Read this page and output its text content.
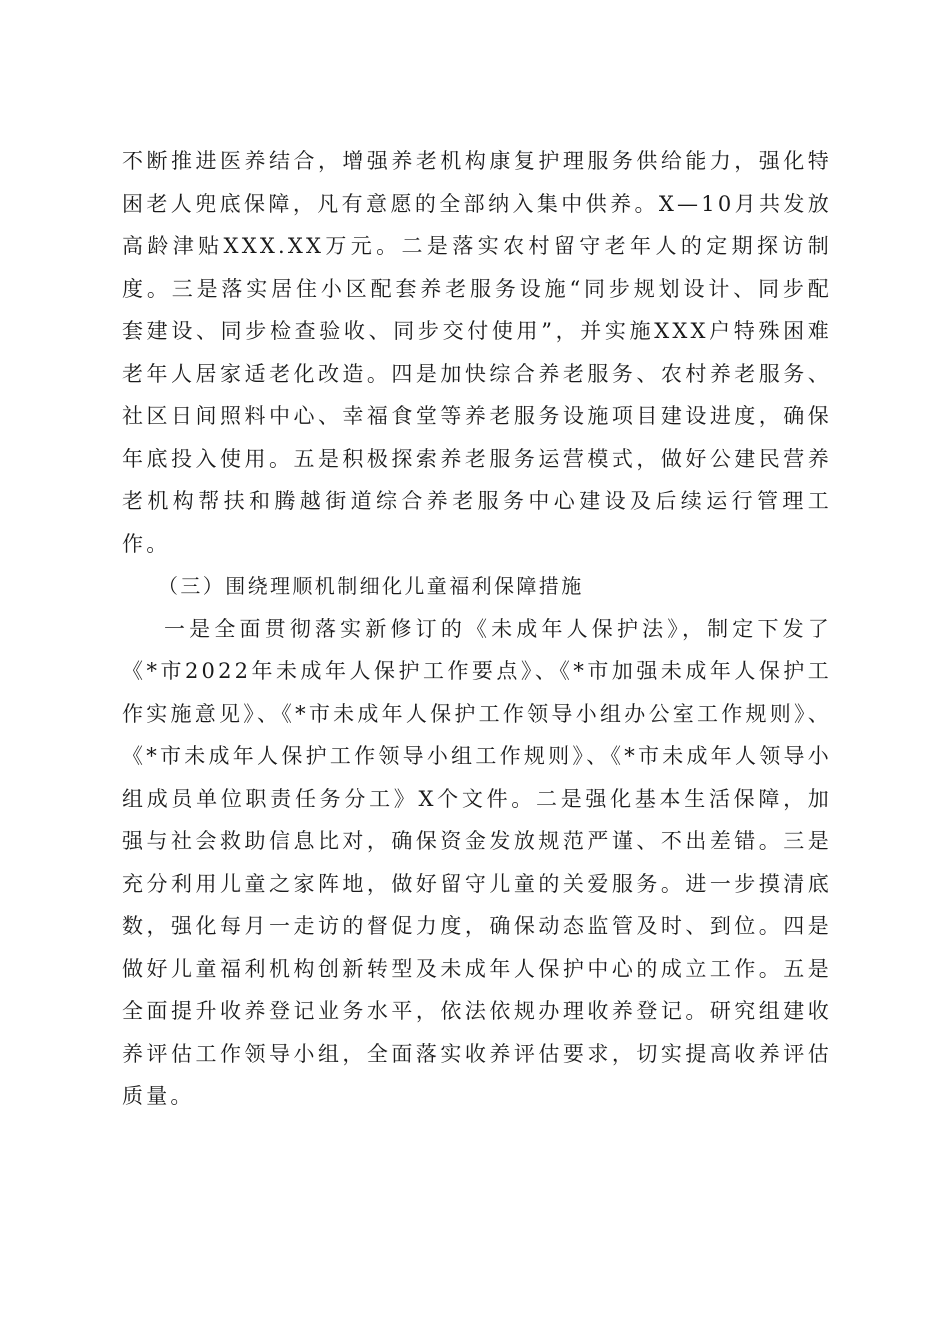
不断推进医养结合，增强养老机构康复护理服务供给能力，强化特困老人兜底保障，凡有意愿的全部纳入集中供养。X—10月共发放高龄津贴XXX.XX万元。二是落实农村留守老年人的定期探访制度。三是落实居住小区配套养老服务设施“同步规划设计、同步配套建设、同步检查验收、同步交付使用”，并实施XXX户特殊困难老年人居家适老化改造。四是加快综合养老服务、农村养老服务、社区日间照料中心、幸福食堂等养老服务设施项目建设进度，确保年底投入使用。五是积极探索养老服务运营模式，做好公建民营养老机构帮扶和腾越街道综合养老服务中心建设及后续运行管理工作。

（三）围绕理顺机制细化儿童福利保障措施

一是全面贯彻落实新修订的《未成年人保护法》，制定下发了《*市2022年未成年人保护工作要点》、《*市加强未成年人保护工作实施意见》、《*市未成年人保护工作领导小组办公室工作规则》、《*市未成年人保护工作领导小组工作规则》、《*市未成年人领导小组成员单位职责任务分工》X个文件。二是强化基本生活保障，加强与社会救助信息比对，确保资金发放规范严谨、不出差错。三是充分利用儿童之家阵地，做好留守儿童的关爱服务。进一步摸清底数，强化每月一走访的督促力度，确保动态监管及时、到位。四是做好儿童福利机构创新转型及未成年人保护中心的成立工作。五是全面提升收养登记业务水平，依法依规办理收养登记。研究组建收养评估工作领导小组，全面落实收养评估要求，切实提高收养评估质量。
